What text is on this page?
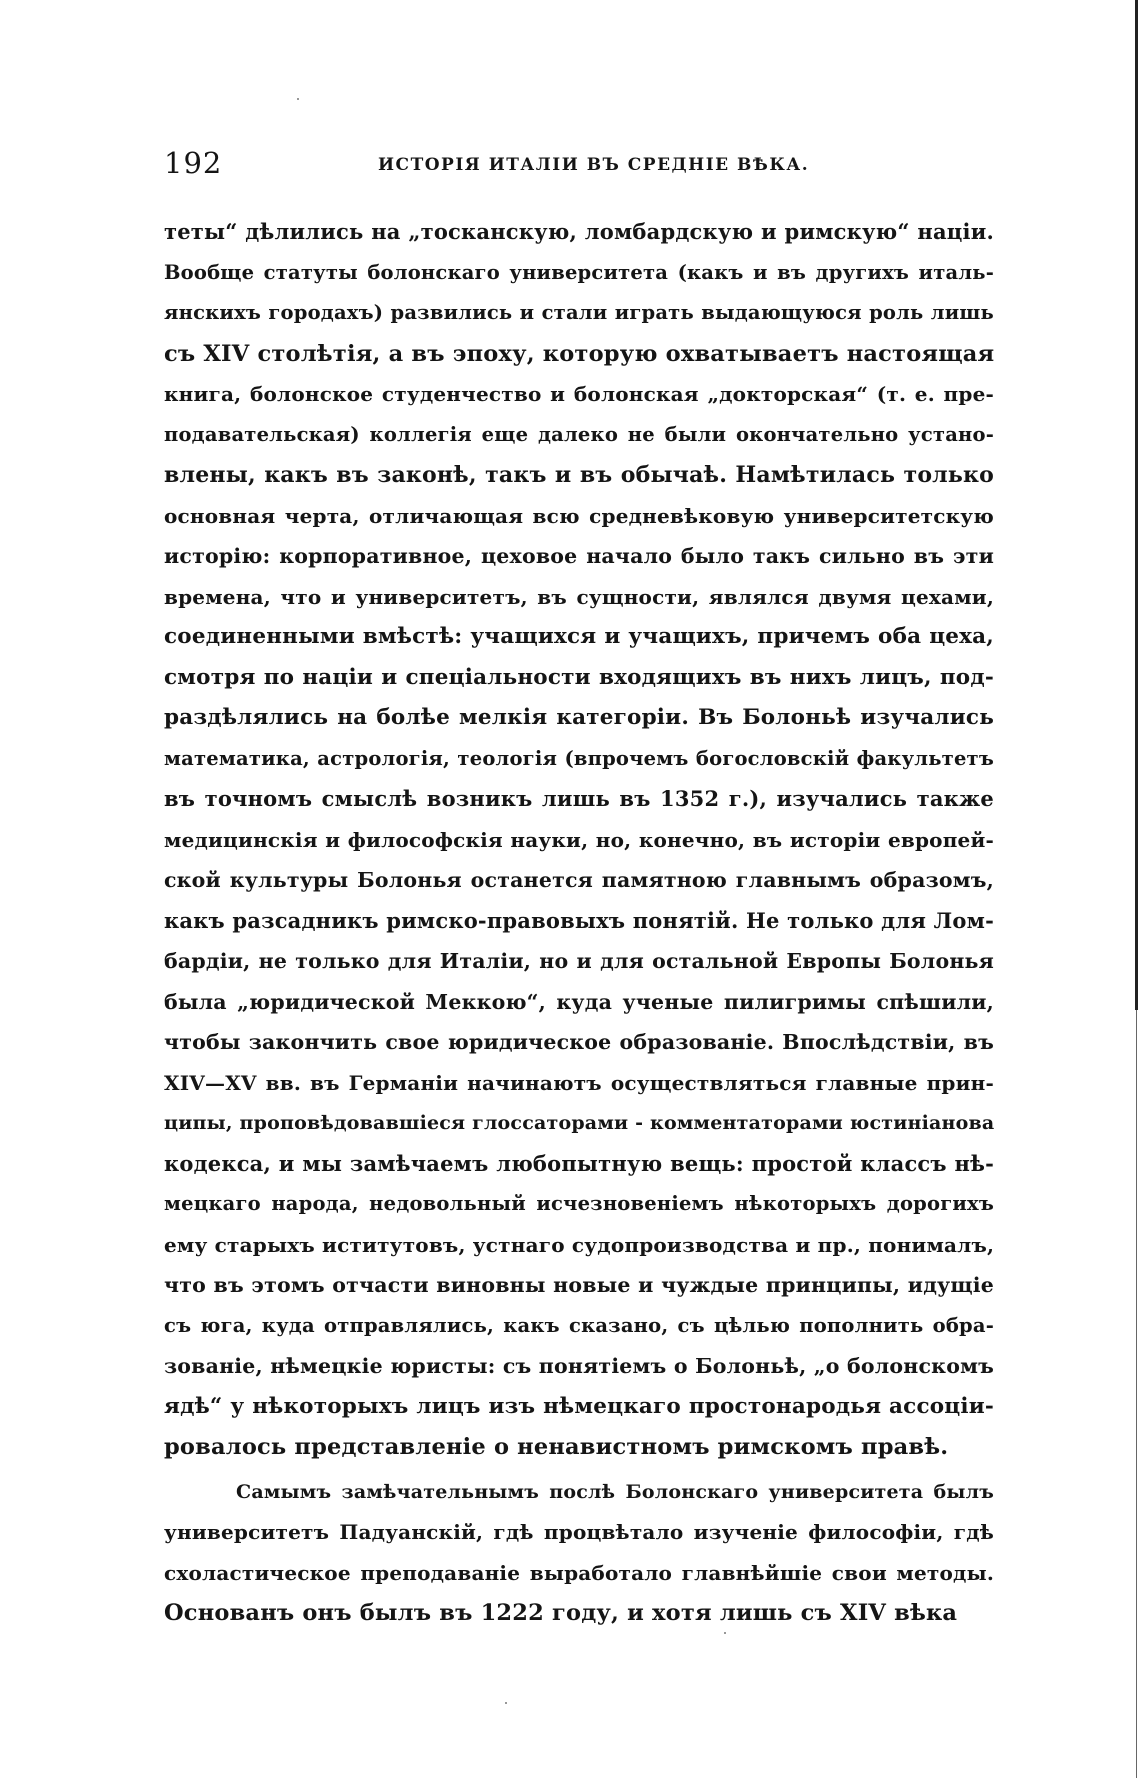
192	ИСТОРІЯ ИТАЛІИ ВЪ СРЕДНІЕ ВѢКА.
теты“ дѣлились на „тосканскую, ломбардскую и римскую“ націи.
Вообще статуты болонскаго университета (какъ и въ другихъ италь-
янскихъ городахъ) развились и стали играть выдающуюся роль лишь
съ XIV столѣтія, а въ эпоху, которую охватываетъ настоящая
книга, болонское студенчество и болонская „докторская“ (т. е. пре-
подавательская) коллегія еще далеко не были окончательно устано-
влены, какъ въ законѣ, такъ и въ обычаѣ. Намѣтилась только
основная черта, отличающая всю средневѣковую университетскую
исторію: корпоративное, цеховое начало было такъ сильно въ эти
времена, что и университетъ, въ сущности, являлся двумя цехами,
соединенными вмѣстѣ: учащихся и учащихъ, причемъ оба цеха,
смотря по націи и спеціальности входящихъ въ нихъ лицъ, под-
раздѣлялись на болѣе мелкія категоріи. Въ Болоньѣ изучались
математика, астрологія, теологія (впрочемъ богословскій факультетъ
въ точномъ смыслѣ возникъ лишь въ 1352 г.), изучались также
медицинскія и философскія науки, но, конечно, въ исторіи европей-
ской культуры Болонья останется памятною главнымъ образомъ,
какъ разсадникъ римско-правовыхъ понятій. Не только для Лом-
бардіи, не только для Италіи, но и для остальной Европы Болонья
была „юридической Меккою“, куда ученые пилигримы спѣшили,
чтобы закончить свое юридическое образованіе. Впослѣдствіи, въ
XIV—XV вв. въ Германіи начинаютъ осуществляться главные прин-
ципы, проповѣдовавшіеся глоссаторами - комментаторами юстиніанова
кодекса, и мы замѣчаемъ любопытную вещь: простой классъ нѣ-
мецкаго народа, недовольный исчезновеніемъ нѣкоторыхъ дорогихъ
ему старыхъ иститутовъ, устнаго судопроизводства и пр., понималъ,
что въ этомъ отчасти виновны новые и чуждые принципы, идущіе
съ юга, куда отправлялись, какъ сказано, съ цѣлью пополнить обра-
зованіе, нѣмецкіе юристы: съ понятіемъ о Болоньѣ, „о болонскомъ
ядѣ“ у нѣкоторыхъ лицъ изъ нѣмецкаго простонародья ассоціи-
ровалось представленіе о ненавистномъ римскомъ правѣ.
Самымъ замѣчательнымъ послѣ Болонскаго университета былъ
университетъ Падуанскій, гдѣ процвѣтало изученіе философіи, гдѣ
схоластическое преподаваніе выработало главнѣйшіе свои методы.
Основанъ онъ былъ въ 1222 году, и хотя лишь съ XIV вѣка
